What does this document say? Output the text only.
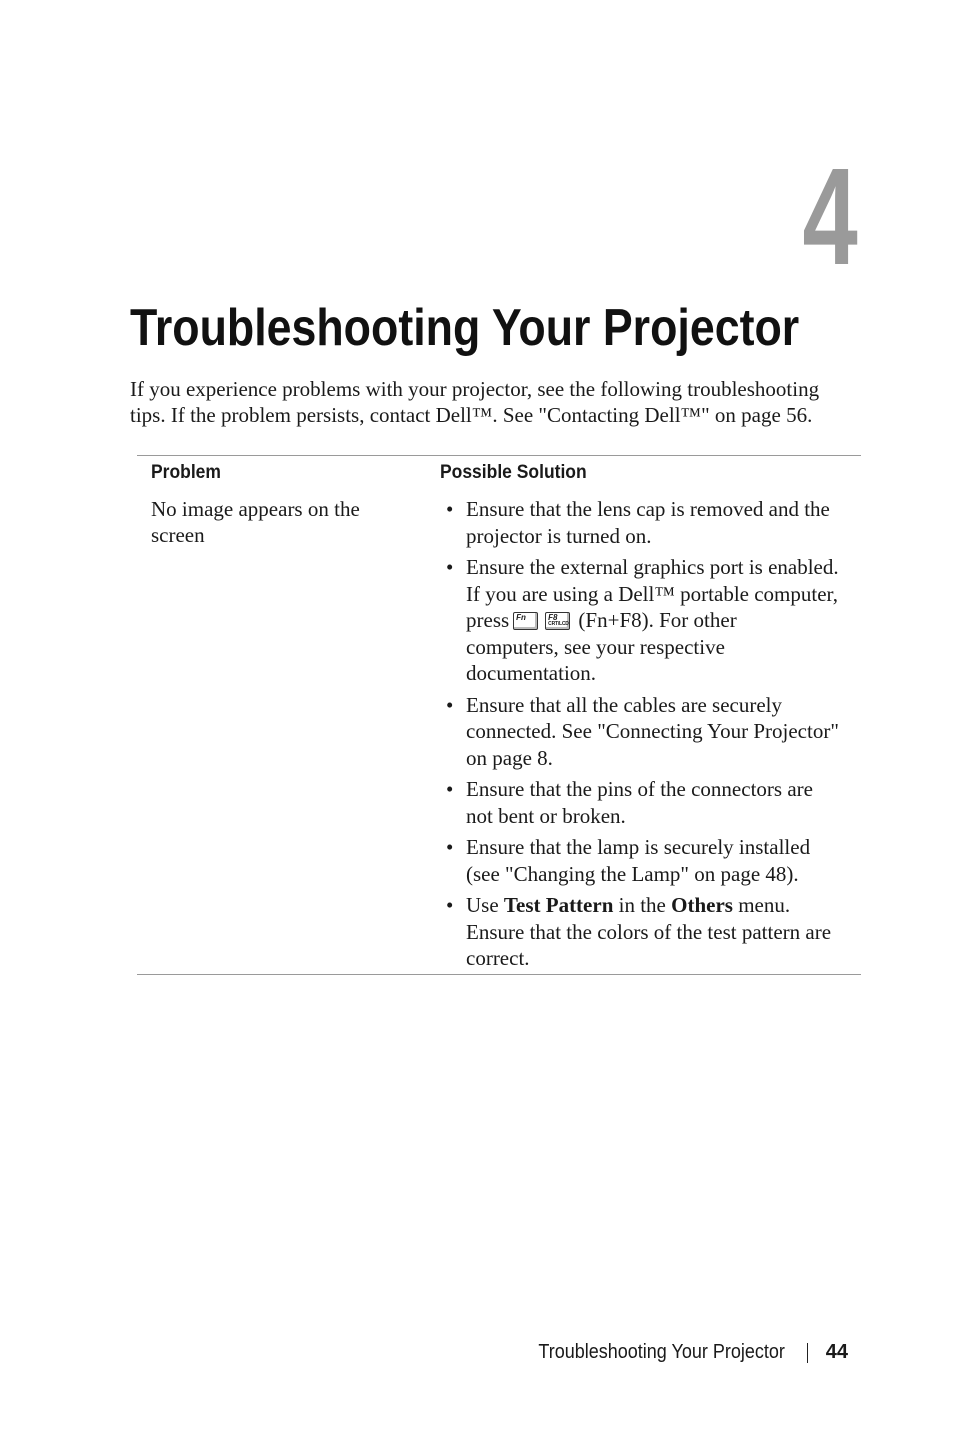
4
Troubleshooting Your Projector

If you experience problems with your projector, see the following troubleshooting
tips. If the problem persists, contact Dell™. See "Contacting Dell™" on page 56.

Problem	Possible Solution

No image appears on the
screen

• Ensure that the lens cap is removed and the
projector is turned on.
• Ensure the external graphics port is enabled.
If you are using a Dell™ portable computer,
press Fn	F8
CRT/LCD (Fn+F8). For other
computers, see your respective
documentation.
• Ensure that all the cables are securely
connected. See "Connecting Your Projector"
on page 8.
• Ensure that the pins of the connectors are
not bent or broken.
• Ensure that the lamp is securely installed
(see "Changing the Lamp" on page 48).
• Use Test Pattern in the Others menu.
Ensure that the colors of the test pattern are
correct.
Troubleshooting Your Projector 44
